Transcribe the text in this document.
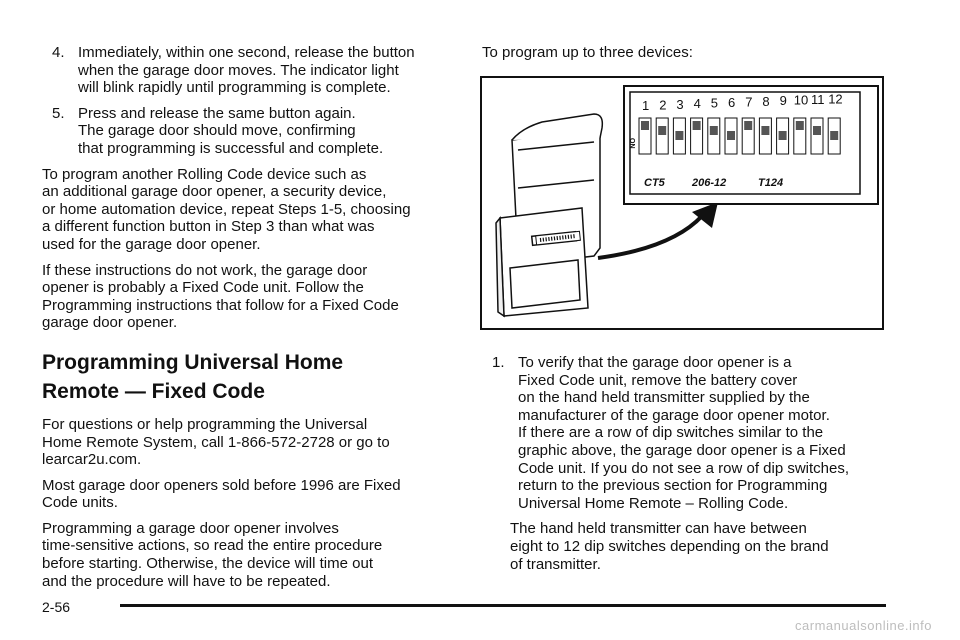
4. Immediately, within one second, release the button
when the garage door moves. The indicator light
will blink rapidly until programming is complete.
5. Press and release the same button again.
The garage door should move, confirming
that programming is successful and complete.

To program another Rolling Code device such as
an additional garage door opener, a security device,
or home automation device, repeat Steps 1-5, choosing
a different function button in Step 3 than what was
used for the garage door opener.

If these instructions do not work, the garage door
opener is probably a Fixed Code unit. Follow the
Programming instructions that follow for a Fixed Code
garage door opener.

Programming Universal Home
Remote — Fixed Code

For questions or help programming the Universal
Home Remote System, call 1-866-572-2728 or go to
learcar2u.com.

Most garage door openers sold before 1996 are Fixed
Code units.

Programming a garage door opener involves
time-sensitive actions, so read the entire procedure
before starting. Otherwise, the device will time out
and the procedure will have to be repeated.

To program up to three devices:

1 2 3 4 5 6 7 8 9 10 11 12
ON
CT5 206-12	T124
1. To verify that the garage door opener is a
Fixed Code unit, remove the battery cover
on the hand held transmitter supplied by the
manufacturer of the garage door opener motor.
If there are a row of dip switches similar to the
graphic above, the garage door opener is a Fixed
Code unit. If you do not see a row of dip switches,
return to the previous section for Programming
Universal Home Remote – Rolling Code.

The hand held transmitter can have between
eight to 12 dip switches depending on the brand
of transmitter.

2-56
carmanualsonline.info
